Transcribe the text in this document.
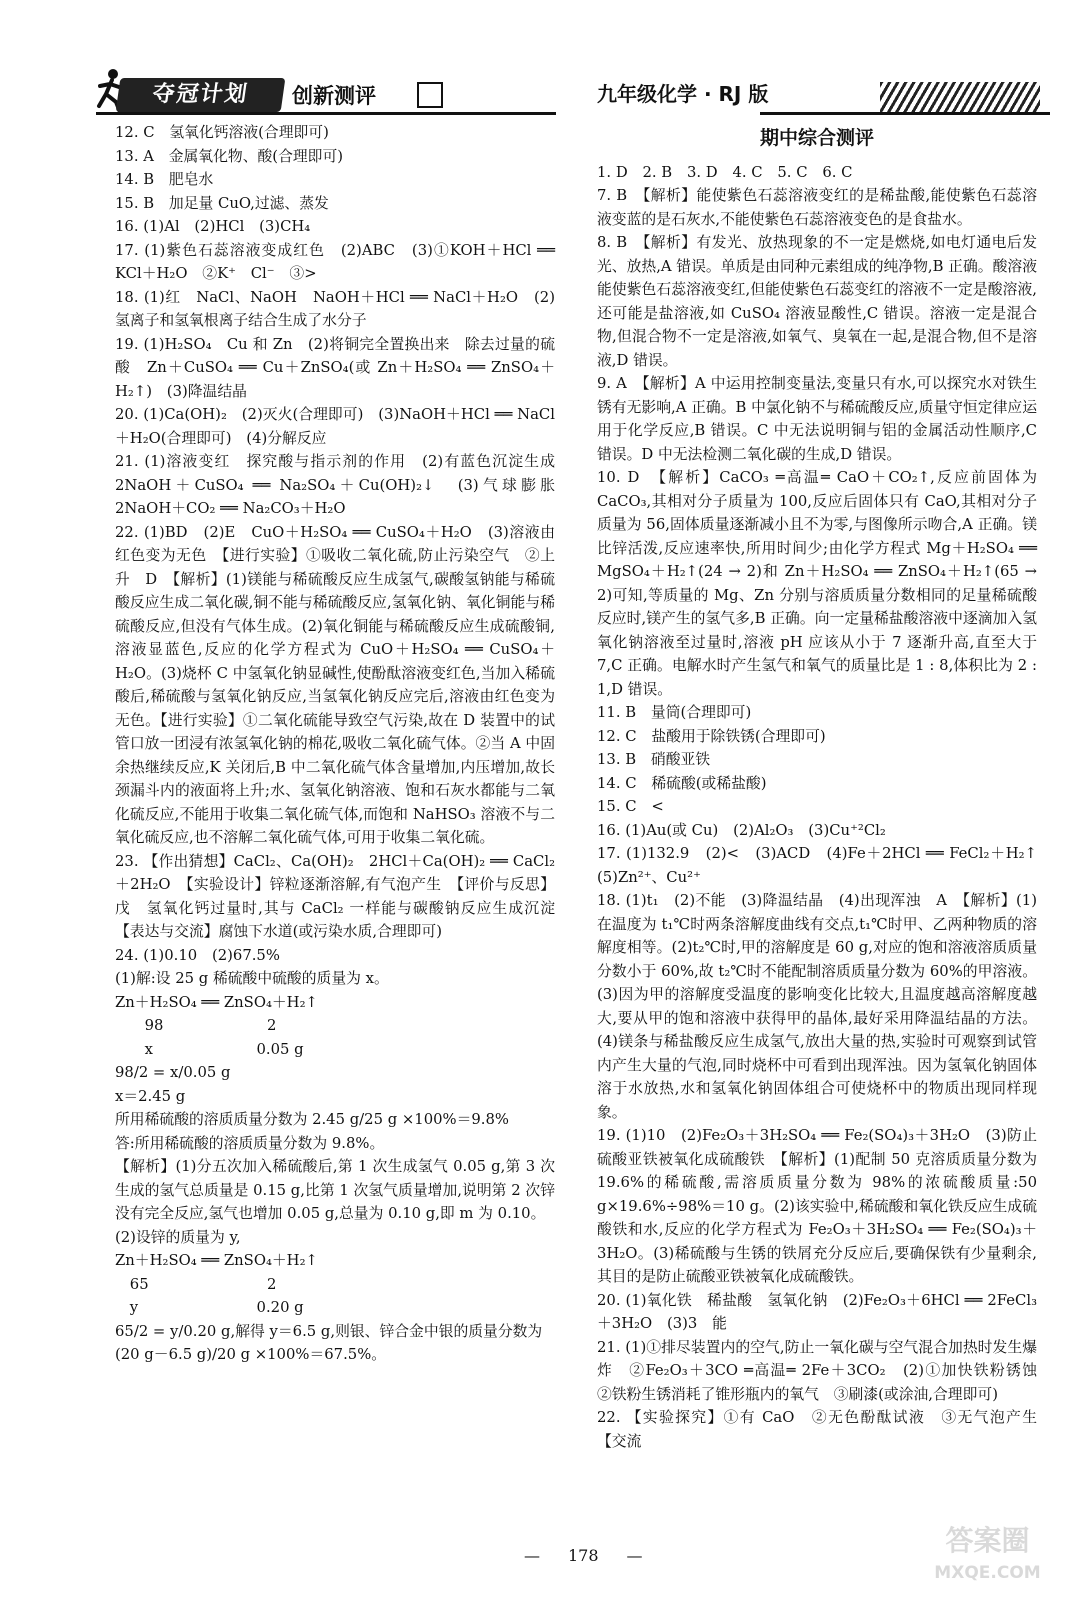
夺冠计划	创新测评	九年级化学 · RJ 版

12. C　氢氧化钙溶液(合理即可)

13. A　金属氧化物、酸(合理即可)

14. B　肥皂水

15. B　加足量 CuO,过滤、蒸发

16. (1)Al　(2)HCl　(3)CH₄

17. (1)紫色石蕊溶液变成红色　(2)ABC　(3)①KOH＋HCl ══ KCl＋H₂O　②K⁺　Cl⁻　③>

18. (1)红　NaCl、NaOH　NaOH＋HCl ══ NaCl＋H₂O　(2)氢离子和氢氧根离子结合生成了水分子

19. (1)H₂SO₄　Cu 和 Zn　(2)将铜完全置换出来　除去过量的硫酸　Zn＋CuSO₄ ══ Cu＋ZnSO₄(或 Zn＋H₂SO₄ ══ ZnSO₄＋H₂↑)　(3)降温结晶

20. (1)Ca(OH)₂　(2)灭火(合理即可)　(3)NaOH＋HCl ══ NaCl＋H₂O(合理即可)　(4)分解反应

21. (1)溶液变红　探究酸与指示剂的作用　(2)有蓝色沉淀生成　2NaOH＋CuSO₄ ══ Na₂SO₄＋Cu(OH)₂↓　(3)气球膨胀　2NaOH＋CO₂ ══ Na₂CO₃＋H₂O

22. (1)BD　(2)E　CuO＋H₂SO₄ ══ CuSO₄＋H₂O　(3)溶液由红色变为无色　【进行实验】①吸收二氧化硫,防止污染空气　②上升　D　【解析】(1)镁能与稀硫酸反应生成氢气,碳酸氢钠能与稀硫酸反应生成二氧化碳,铜不能与稀硫酸反应,氢氧化钠、氧化铜能与稀硫酸反应,但没有气体生成。(2)氧化铜能与稀硫酸反应生成硫酸铜,溶液显蓝色,反应的化学方程式为 CuO＋H₂SO₄ ══ CuSO₄＋H₂O。(3)烧杯 C 中氢氧化钠显碱性,使酚酞溶液变红色,当加入稀硫酸后,稀硫酸与氢氧化钠反应,当氢氧化钠反应完后,溶液由红色变为无色。【进行实验】①二氧化硫能导致空气污染,故在 D 装置中的试管口放一团浸有浓氢氧化钠的棉花,吸收二氧化硫气体。②当 A 中固余热继续反应,K 关闭后,B 中二氧化硫气体含量增加,内压增加,故长颈漏斗内的液面将上升;水、氢氧化钠溶液、饱和石灰水都能与二氧化硫反应,不能用于收集二氧化硫气体,而饱和 NaHSO₃ 溶液不与二氧化硫反应,也不溶解二氧化硫气体,可用于收集二氧化硫。

23. 【作出猜想】CaCl₂、Ca(OH)₂　2HCl＋Ca(OH)₂ ══ CaCl₂＋2H₂O　【实验设计】锌粒逐渐溶解,有气泡产生　【评价与反思】戊　氢氧化钙过量时,其与 CaCl₂ 一样能与碳酸钠反应生成沉淀　【表达与交流】腐蚀下水道(或污染水质,合理即可)

24. (1)0.10　(2)67.5%

(1)解:设 25 g 稀硫酸中硫酸的质量为 x。

Zn＋H₂SO₄ ══ ZnSO₄＋H₂↑

　　98　　　　　　　2

　　x　　　　　　　0.05 g

98/2 = x/0.05 g

x＝2.45 g

所用稀硫酸的溶质质量分数为 2.45 g/25 g ×100%＝9.8%

答:所用稀硫酸的溶质质量分数为 9.8%。

【解析】(1)分五次加入稀硫酸后,第 1 次生成氢气 0.05 g,第 3 次生成的氢气总质量是 0.15 g,比第 1 次氢气质量增加,说明第 2 次锌没有完全反应,氢气也增加 0.05 g,总量为 0.10 g,即 m 为 0.10。

(2)设锌的质量为 y,

Zn＋H₂SO₄ ══ ZnSO₄＋H₂↑

　65　　　　　　　　2

　y　　　　　　　　0.20 g

65/2 = y/0.20 g,解得 y＝6.5 g,则银、锌合金中银的质量分数为

(20 g－6.5 g)/20 g ×100%＝67.5%。

期中综合测评

1. D　2. B　3. D　4. C　5. C　6. C

7. B　【解析】能使紫色石蕊溶液变红的是稀盐酸,能使紫色石蕊溶液变蓝的是石灰水,不能使紫色石蕊溶液变色的是食盐水。

8. B　【解析】有发光、放热现象的不一定是燃烧,如电灯通电后发光、放热,A 错误。单质是由同种元素组成的纯净物,B 正确。酸溶液能使紫色石蕊溶液变红,但能使紫色石蕊变红的溶液不一定是酸溶液,还可能是盐溶液,如 CuSO₄ 溶液显酸性,C 错误。溶液一定是混合物,但混合物不一定是溶液,如氧气、臭氧在一起,是混合物,但不是溶液,D 错误。

9. A　【解析】A 中运用控制变量法,变量只有水,可以探究水对铁生锈有无影响,A 正确。B 中氯化钠不与稀硫酸反应,质量守恒定律应运用于化学反应,B 错误。C 中无法说明铜与铝的金属活动性顺序,C 错误。D 中无法检测二氧化碳的生成,D 错误。

10. D　【解析】CaCO₃ ═高温═ CaO＋CO₂↑,反应前固体为 CaCO₃,其相对分子质量为 100,反应后固体只有 CaO,其相对分子质量为 56,固体质量逐渐减小且不为零,与图像所示吻合,A 正确。镁比锌活泼,反应速率快,所用时间少;由化学方程式 Mg＋H₂SO₄ ══ MgSO₄＋H₂↑(24 → 2)和 Zn＋H₂SO₄ ══ ZnSO₄＋H₂↑(65 → 2)可知,等质量的 Mg、Zn 分别与溶质质量分数相同的足量稀硫酸反应时,镁产生的氢气多,B 正确。向一定量稀盐酸溶液中逐滴加入氢氧化钠溶液至过量时,溶液 pH 应该从小于 7 逐渐升高,直至大于 7,C 正确。电解水时产生氢气和氧气的质量比是 1 : 8,体积比为 2 : 1,D 错误。

11. B　量筒(合理即可)

12. C　盐酸用于除铁锈(合理即可)

13. B　硝酸亚铁

14. C　稀硫酸(或稀盐酸)

15. C　<

16. (1)Au(或 Cu)　(2)Al₂O₃　(3)Cu⁺²Cl₂

17. (1)132.9　(2)<　(3)ACD　(4)Fe＋2HCl ══ FeCl₂＋H₂↑　(5)Zn²⁺、Cu²⁺

18. (1)t₁　(2)不能　(3)降温结晶　(4)出现浑浊　A　【解析】(1)在温度为 t₁℃时两条溶解度曲线有交点,t₁℃时甲、乙两种物质的溶解度相等。(2)t₂℃时,甲的溶解度是 60 g,对应的饱和溶液溶质质量分数小于 60%,故 t₂℃时不能配制溶质质量分数为 60%的甲溶液。(3)因为甲的溶解度受温度的影响变化比较大,且温度越高溶解度越大,要从甲的饱和溶液中获得甲的晶体,最好采用降温结晶的方法。(4)镁条与稀盐酸反应生成氢气,放出大量的热,实验时可观察到试管内产生大量的气泡,同时烧杯中可看到出现浑浊。因为氢氧化钠固体溶于水放热,水和氢氧化钠固体组合可使烧杯中的物质出现同样现象。

19. (1)10　(2)Fe₂O₃＋3H₂SO₄ ══ Fe₂(SO₄)₃＋3H₂O　(3)防止硫酸亚铁被氧化成硫酸铁　【解析】(1)配制 50 克溶质质量分数为 19.6%的稀硫酸,需溶质质量分数为 98%的浓硫酸质量:50 g×19.6%÷98%＝10 g。(2)该实验中,稀硫酸和氧化铁反应生成硫酸铁和水,反应的化学方程式为 Fe₂O₃＋3H₂SO₄ ══ Fe₂(SO₄)₃＋3H₂O。(3)稀硫酸与生锈的铁屑充分反应后,要确保铁有少量剩余,其目的是防止硫酸亚铁被氧化成硫酸铁。

20. (1)氧化铁　稀盐酸　氢氧化钠　(2)Fe₂O₃＋6HCl ══ 2FeCl₃＋3H₂O　(3)3　能

21. (1)①排尽装置内的空气,防止一氧化碳与空气混合加热时发生爆炸　②Fe₂O₃＋3CO ═高温═ 2Fe＋3CO₂　(2)①加快铁粉锈蚀　②铁粉生锈消耗了锥形瓶内的氧气　③刷漆(或涂油,合理即可)

22. 【实验探究】①有 CaO　②无色酚酞试液　③无气泡产生　【交流

— 178 —	答案圈
MXQE.COM
